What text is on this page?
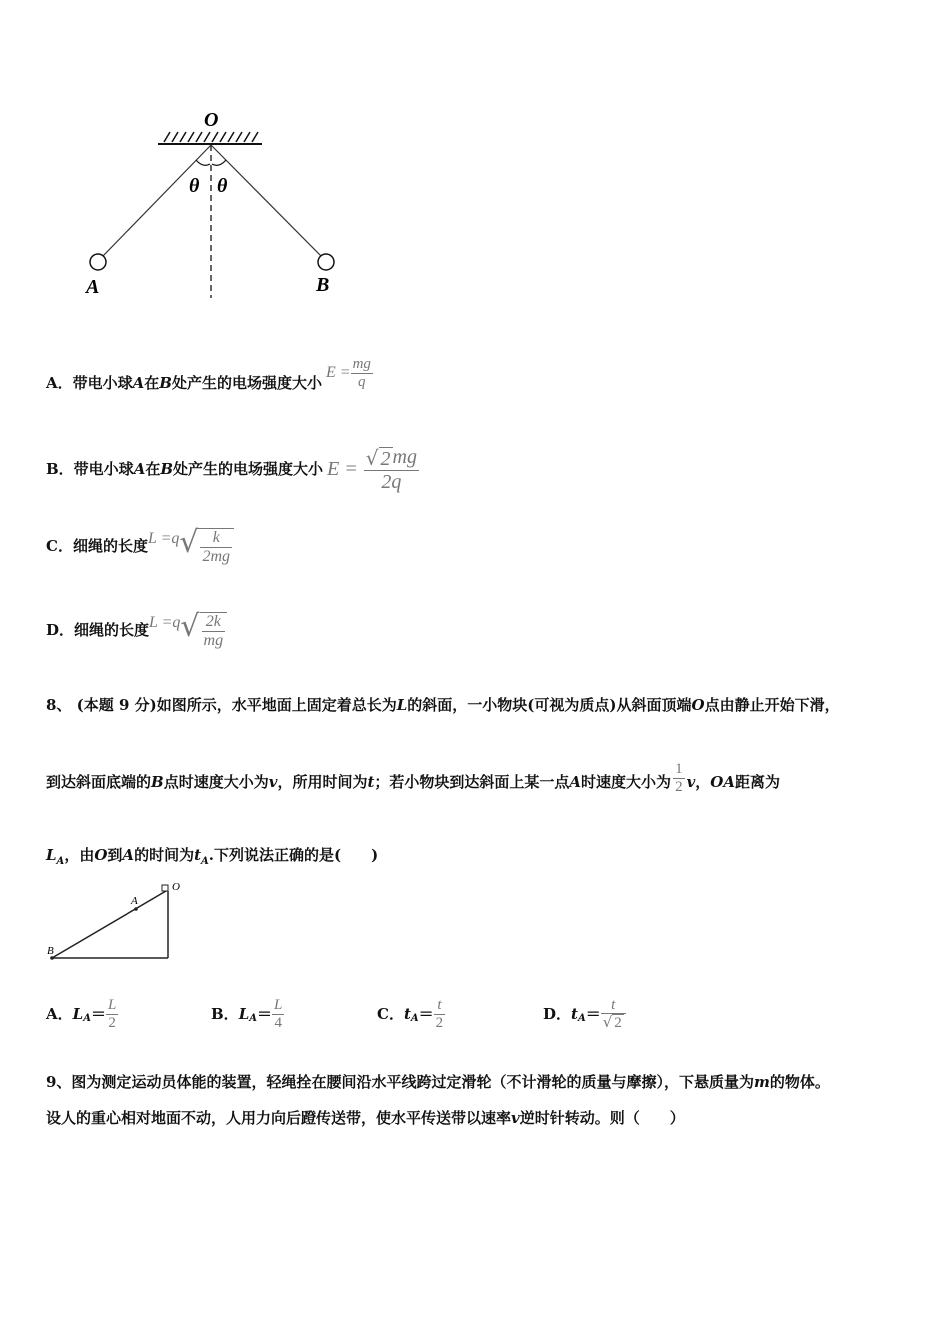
O
θ θ
A	B
A．带电小球 A 在 B 处产生的电场强度大小
$E = \frac{mg}{q}$
B．带电小球 A 在 B 处产生的电场强度大小 $E = \frac{√ 2 mg}{2q}$
C．细绳的长度 L =q √ $\frac{k}{2mg}$
D．细绳的长度 L =q √ $\frac{2k}{mg}$
8、 (本题 9 分)如图所示，水平地面上固定着总长为L的斜面，一小物块(可视为质点)从斜面顶端O点由静止开始下滑，
到达斜面底端的 B 点时速度大小为 v ，所用时间为 t ；若小物块到达斜面上某一点 A 时速度大小为 $\frac{1}{2}$ v ， OA 距离为
$L_A$，由O到A的时间为$t_A$.下列说法正确的是(　　)
O
A
B
A． $L_A = \frac{L}{2}$	B． $L_A = \frac{L}{4}$	C． $t_A = \frac{t}{2}$	D． $t_A = \frac{t}{√ 2}$
9、图为测定运动员体能的装置，轻绳拴在腰间沿水平线跨过定滑轮（不计滑轮的质量与摩擦），下悬质量为m的物体。
设人的重心相对地面不动，人用力向后蹬传送带，使水平传送带以速率v逆时针转动。则（　　）
